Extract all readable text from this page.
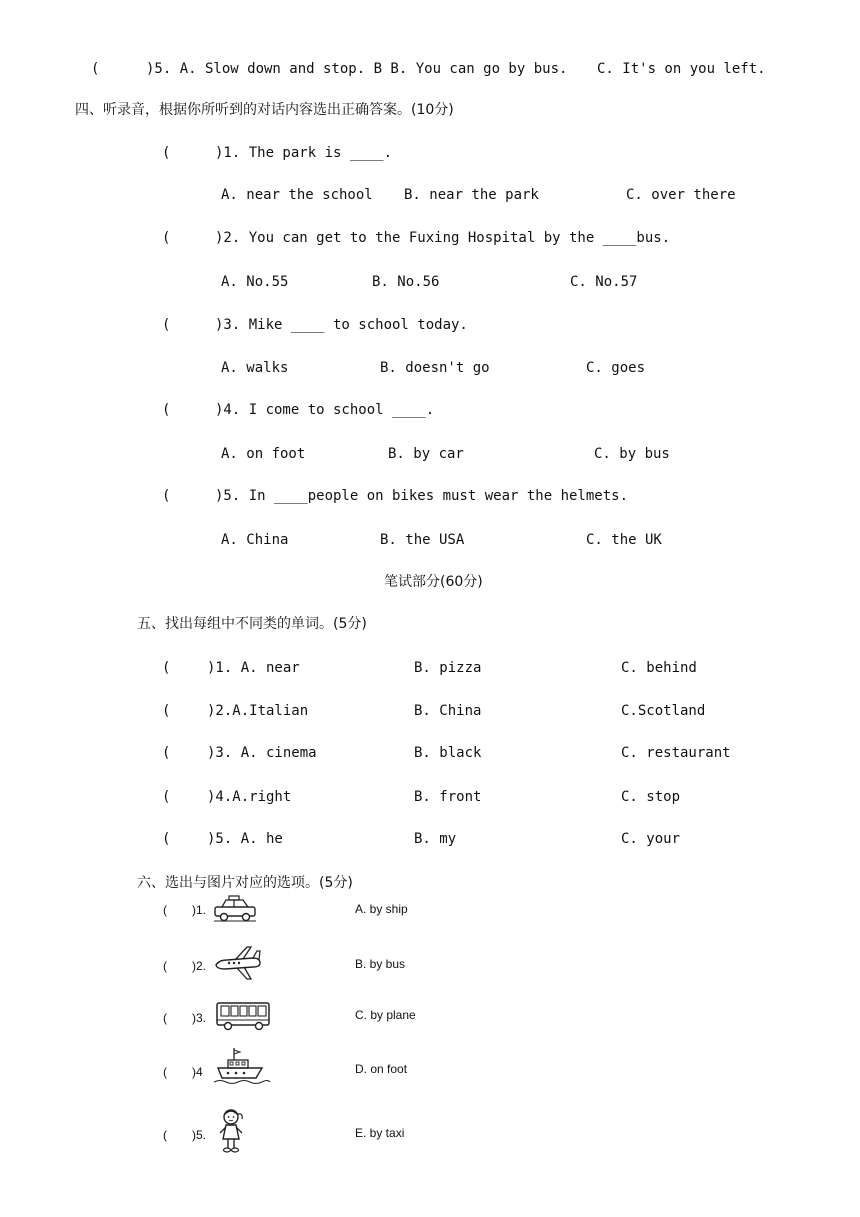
(	)5. A. Slow down and stop. B B. You can go by bus. C. It's on you left.
四、听录音，根据你所听到的对话内容选出正确答案。(10分)
(	)1. The park is ____.
A. near the school B. near the park	C. over there
(	)2. You can get to the Fuxing Hospital by the ____bus.
A. No.55	B. No.56	C. No.57
(	)3. Mike ____ to school today.
A. walks	B. doesn't go	C. goes
(	)4. I come to school ____.
A. on foot	B. by car	C. by bus
(	)5. In ____people on bikes must wear the helmets.
A. China	B. the USA	C. the UK
笔试部分(60分)
五、找出每组中不同类的单词。(5分)
(	)1. A. near	B. pizza	C. behind
(	)2.A.Italian	B. China	C.Scotland
(	)3. A. cinema	B. black	C. restaurant
(	)4.A.right	B. front	C. stop
(	)5. A. he	B. my	C. your
六、选出与图片对应的选项。(5分)
( )1.	A. by ship
( )2.	B. by bus
( )3.	C. by plane
( )4	D. on foot
( )5.	E. by taxi
